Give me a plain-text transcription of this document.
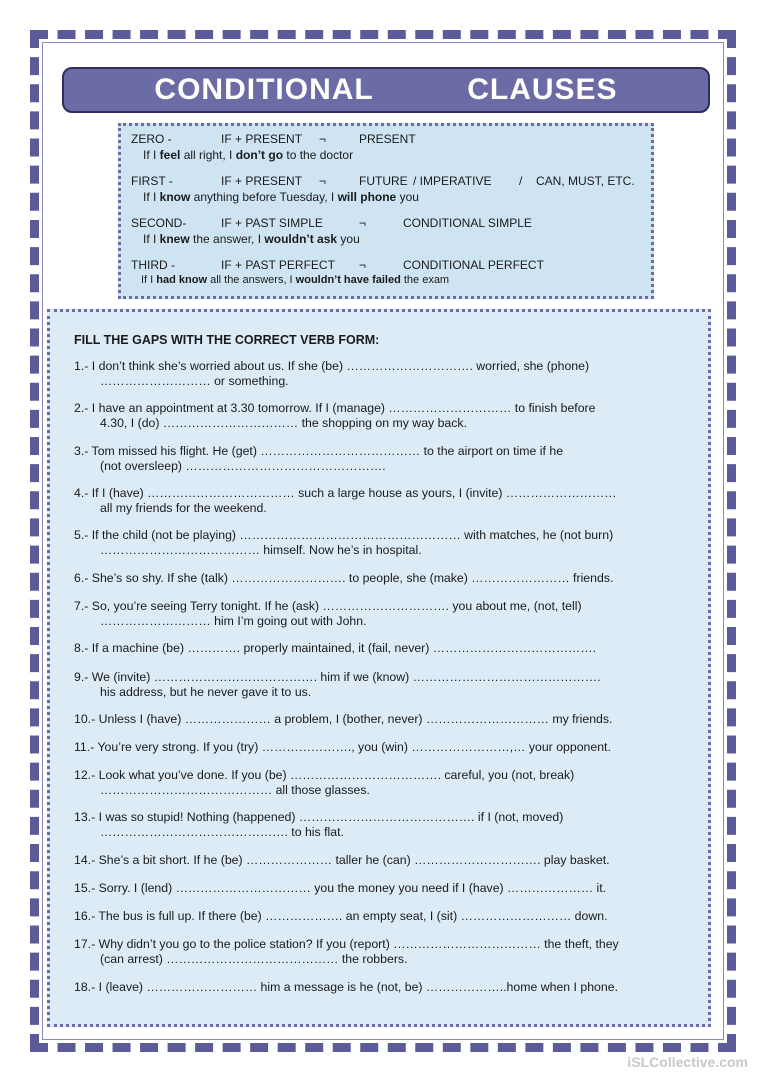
CONDITIONAL   CLAUSES
ZERO -	IF + PRESENT ¬	PRESENT
If I feel all right, I don’t go to the doctor
FIRST -	IF + PRESENT ¬	FUTURE / IMPERATIVE / CAN, MUST, ETC.
If I know anything before Tuesday, I will phone you
SECOND-	IF + PAST SIMPLE	¬	CONDITIONAL SIMPLE
If I knew the answer, I wouldn’t ask you
THIRD -	IF + PAST PERFECT ¬	CONDITIONAL PERFECT
If I had know all the answers, I wouldn’t have failed the exam
FILL THE GAPS WITH THE CORRECT VERB FORM:
1.- I don’t think she’s worried about us. If she (be) …………………………. worried, she (phone)
……………………… or something.
2.- I have an appointment at 3.30 tomorrow. If I (manage) ………………………… to finish before
4.30, I (do) …………………………… the shopping on my way back.
3.- Tom missed his flight. He (get) ………………………………… to the airport on time if he
(not oversleep) ………………………………………….
4.- If I (have) ……………………………… such a large house as yours, I (invite) ………………………
all my friends for the weekend.
5.- If the child (not be playing) ……………………………………………… with matches, he (not burn)
………………………………… himself. Now he’s in hospital.
6.- She’s so shy. If she (talk) ………………………. to people, she (make) …………………… friends.
7.- So, you’re seeing Terry tonight. If he (ask) …………………………. you about me, (not, tell)
……………………… him I’m going out with John.
8.- If a machine (be) …………. properly maintained, it (fail, never) ………………………………….
9.- We (invite) …………………………………. him if we (know) ……………………………………….
his address, but he never gave it to us.
10.- Unless I (have) ………………… a problem, I (bother, never) ………………………… my friends.
11.- You’re very strong. If you (try) …………………., you (win) ……………………,… your opponent.
12.- Look what you’ve done. If you (be) ………………………………. careful, you (not, break)
…………………………………… all those glasses.
13.- I was so stupid! Nothing (happened) ……………………………………. if I (not, moved)
………………………………………. to his flat.
14.- She’s a bit short. If he (be) ………………… taller he (can) …………………………. play basket.
15.- Sorry. I (lend) …………………………… you the money you need if I (have) ………………… it.
16.- The bus is full up. If there (be) ………………. an empty seat, I (sit) ……………………… down.
17.- Why didn’t you go to the police station? If you (report) ……………………………… the theft, they
(can arrest) …………………………………… the robbers.
18.- I (leave) ……………………… him a message is he (not, be) ………………..home when I phone.
iSLCollective.com
